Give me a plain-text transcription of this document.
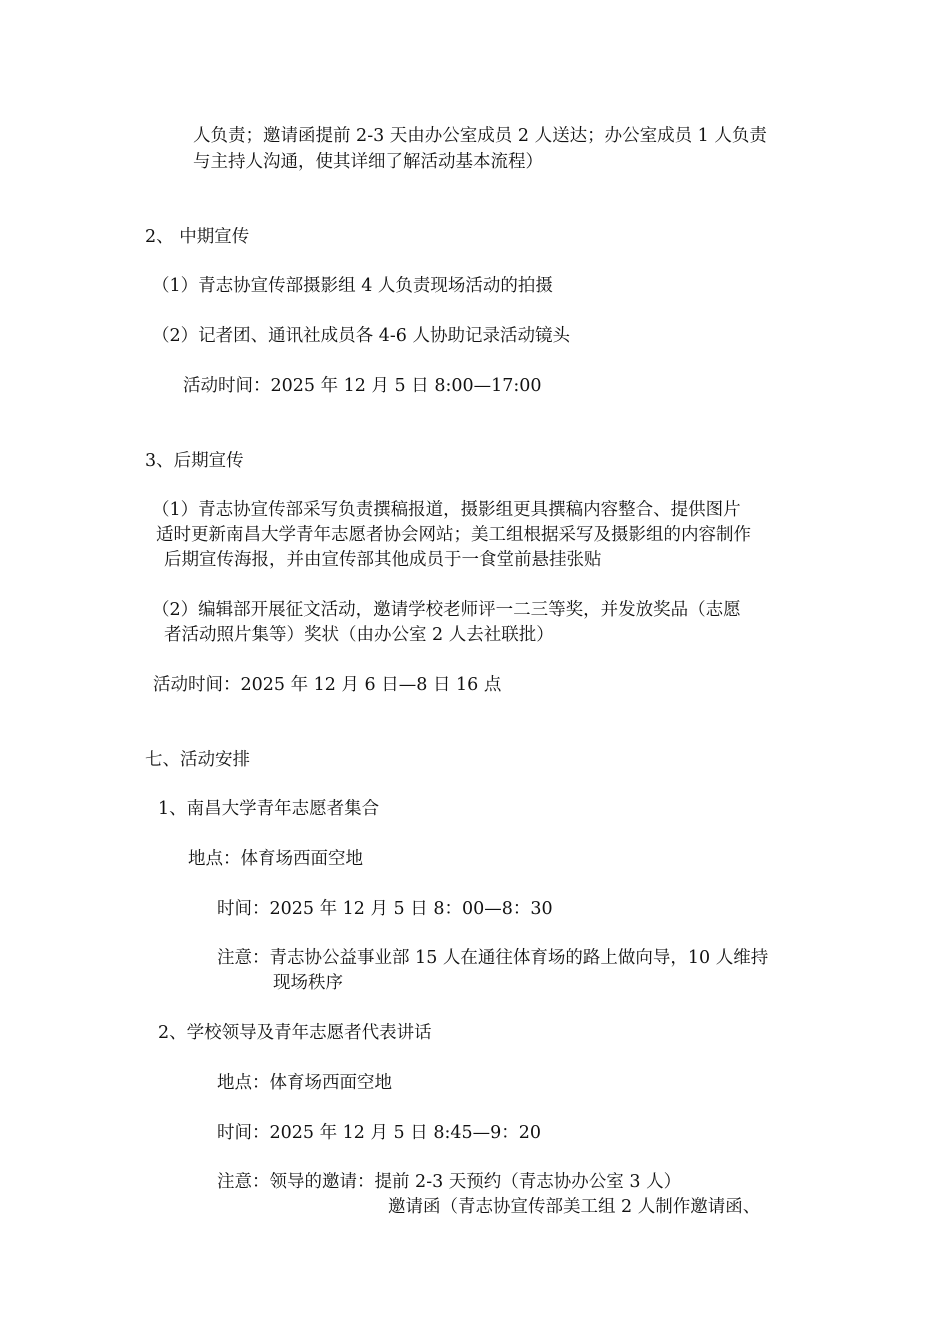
人负责；邀请函提前 2-3 天由办公室成员 2 人送达；办公室成员 1 人负责
与主持人沟通，使其详细了解活动基本流程）
2、 中期宣传
（1）青志协宣传部摄影组 4 人负责现场活动的拍摄
（2）记者团、通讯社成员各 4-6 人协助记录活动镜头
活动时间：2025 年 12 月 5 日 8:00—17:00
3、后期宣传
（1）青志协宣传部采写负责撰稿报道，摄影组更具撰稿内容整合、提供图片
适时更新南昌大学青年志愿者协会网站；美工组根据采写及摄影组的内容制作
后期宣传海报，并由宣传部其他成员于一食堂前悬挂张贴
（2）编辑部开展征文活动，邀请学校老师评一二三等奖，并发放奖品（志愿
者活动照片集等）奖状（由办公室 2 人去社联批）
活动时间：2025 年 12 月 6 日—8 日 16 点
七、活动安排
1、南昌大学青年志愿者集合
地点：体育场西面空地
时间：2025 年 12 月 5 日 8：00—8：30
注意：青志协公益事业部 15 人在通往体育场的路上做向导，10 人维持
现场秩序
2、学校领导及青年志愿者代表讲话
地点：体育场西面空地
时间：2025 年 12 月 5 日 8:45—9：20
注意：领导的邀请：提前 2-3 天预约（青志协办公室 3 人）
邀请函（青志协宣传部美工组 2 人制作邀请函、
